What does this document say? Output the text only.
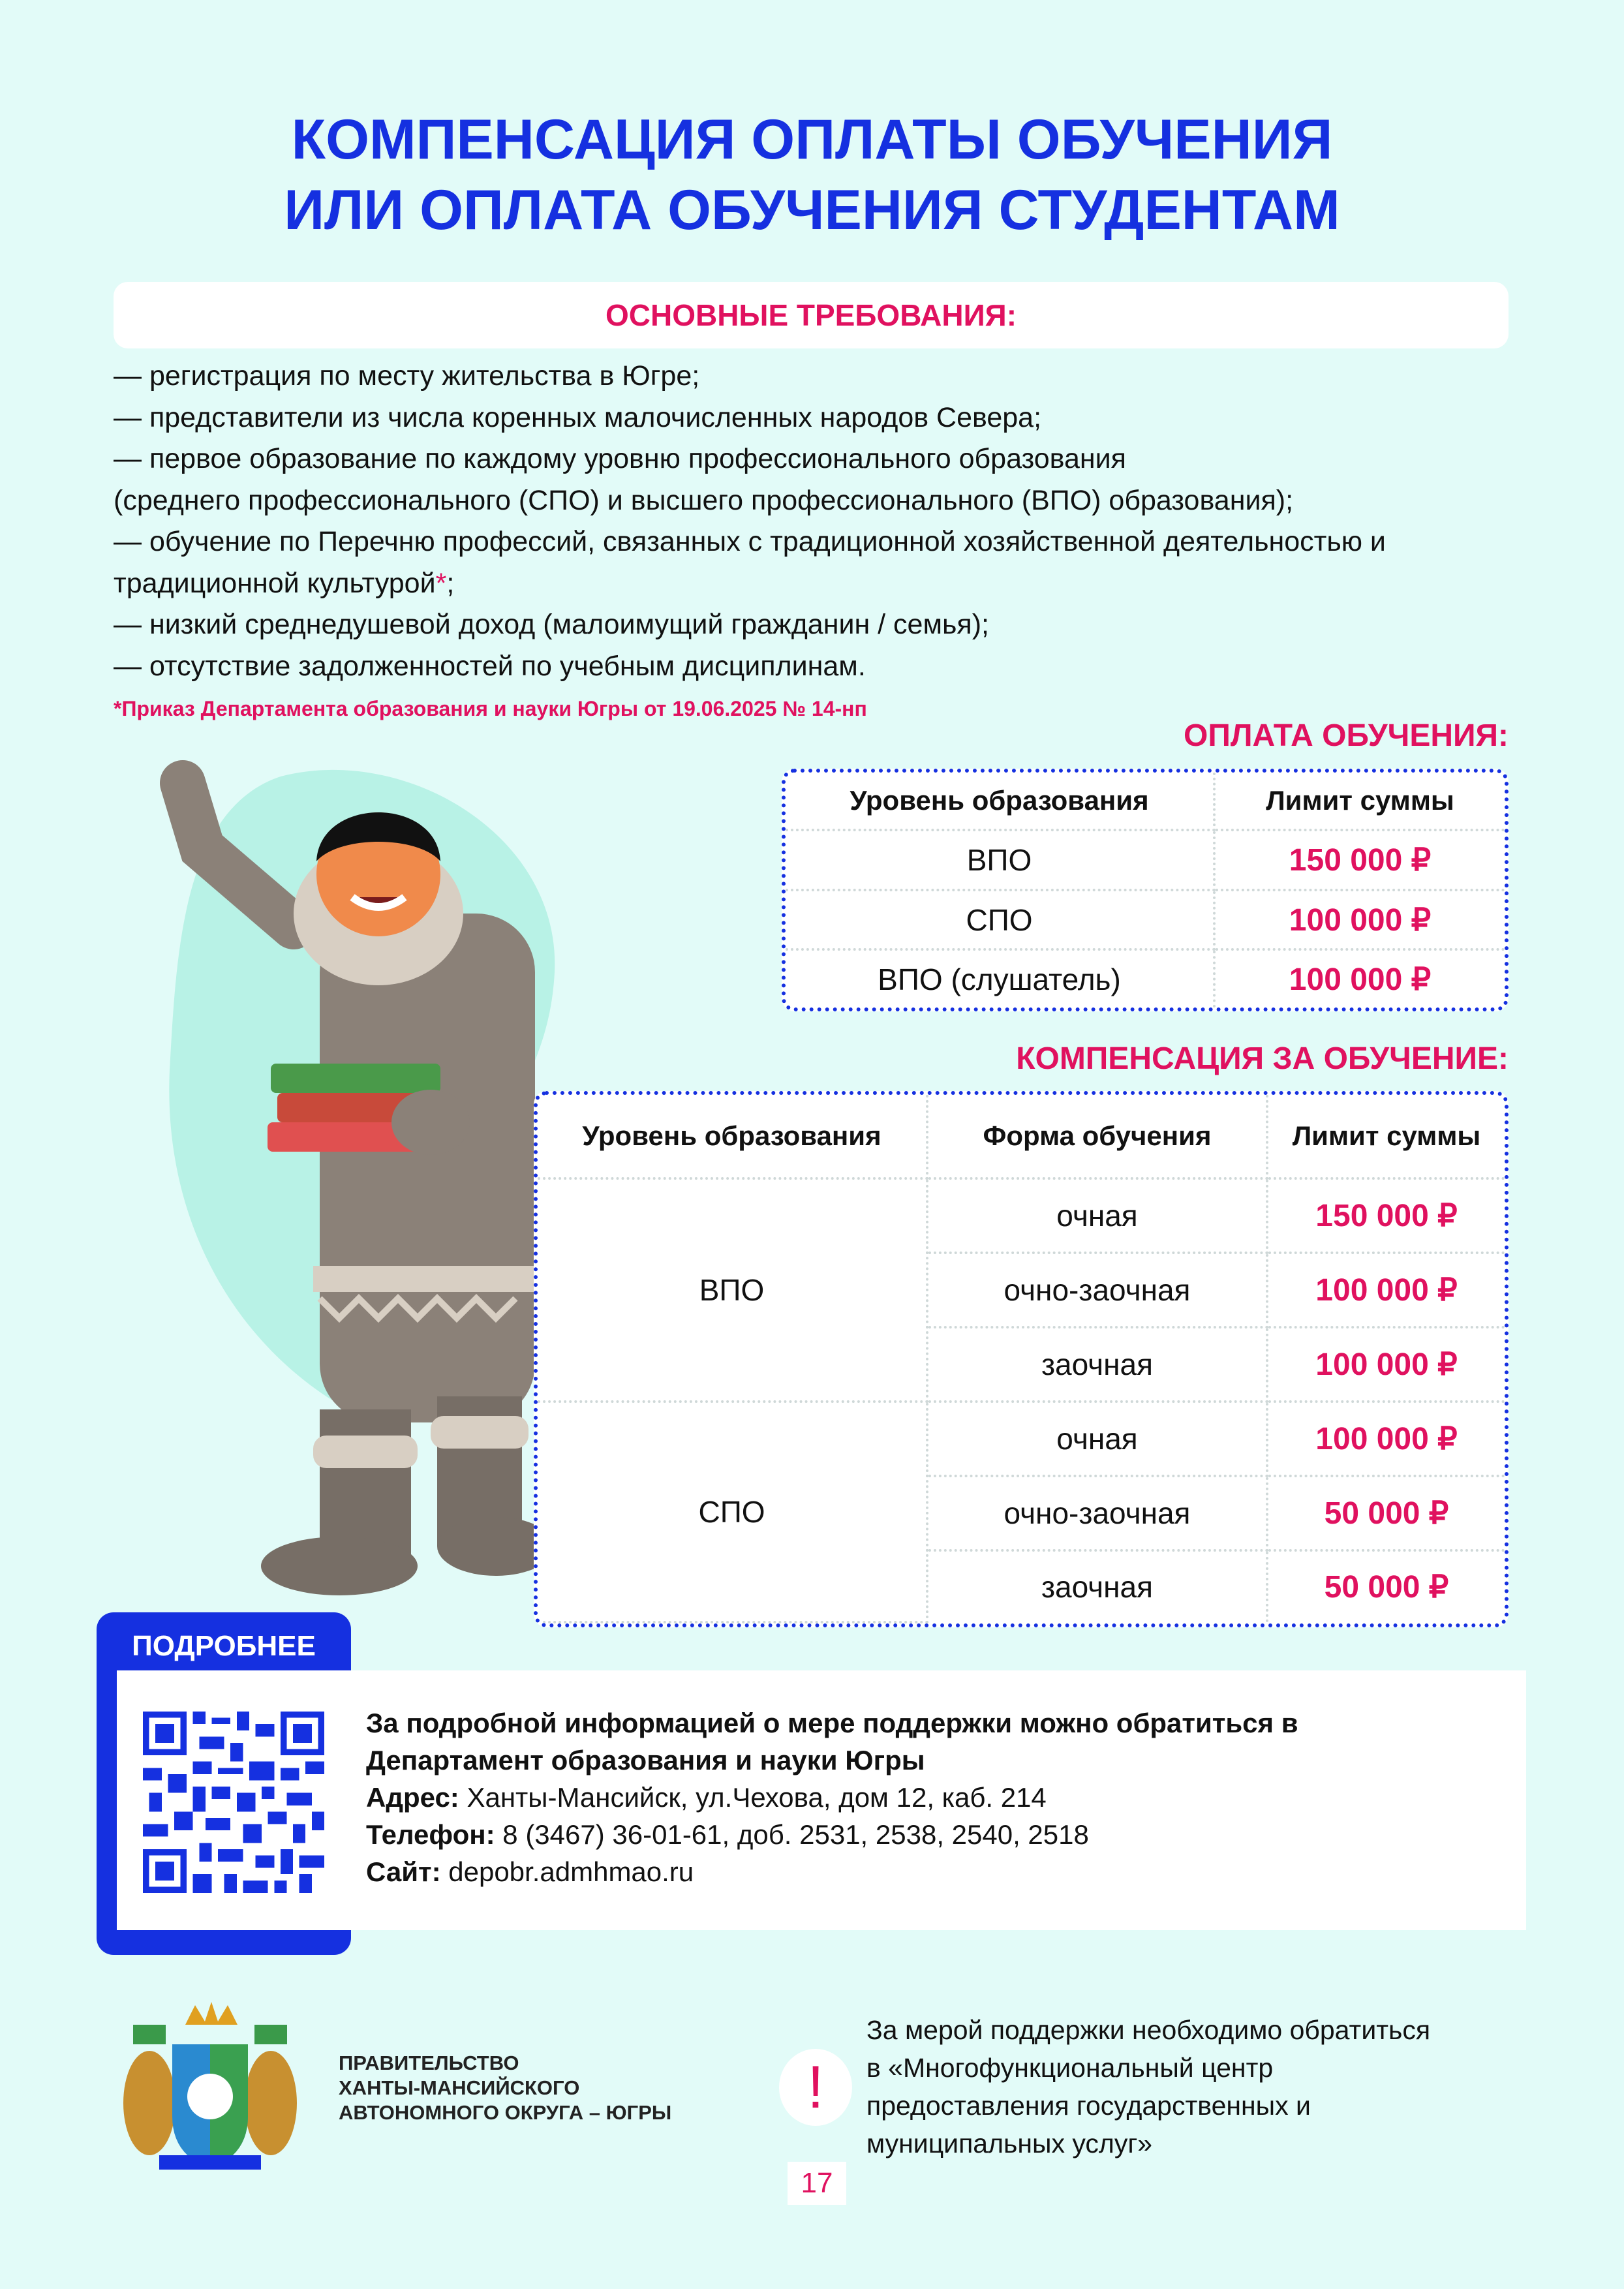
КОМПЕНСАЦИЯ ОПЛАТЫ ОБУЧЕНИЯ
ИЛИ ОПЛАТА ОБУЧЕНИЯ СТУДЕНТАМ
ОСНОВНЫЕ ТРЕБОВАНИЯ:
— регистрация по месту жительства в Югре;
— представители из числа коренных малочисленных народов Севера;
— первое образование по каждому уровню профессионального образования
(среднего профессионального (СПО) и высшего профессионального (ВПО) образования);
— обучение по Перечню профессий, связанных с традиционной хозяйственной деятельностью и
традиционной культурой*;
— низкий среднедушевой доход (малоимущий гражданин / семья);
— отсутствие задолженностей по учебным дисциплинам.
*Приказ Департамента образования и науки Югры от 19.06.2025 № 14-нп
ОПЛАТА ОБУЧЕНИЯ:
Уровень образования	Лимит суммы
ВПО	150 000 ₽
СПО	100 000 ₽
ВПО (слушатель)	100 000 ₽
КОМПЕНСАЦИЯ ЗА ОБУЧЕНИЕ:
Уровень образования	Форма обучения	Лимит суммы
ВПО	очная	150 000 ₽
	очно-заочная	100 000 ₽
	заочная	100 000 ₽
СПО	очная	100 000 ₽
	очно-заочная	50 000 ₽
	заочная	50 000 ₽
ПОДРОБНЕЕ
За подробной информацией о мере поддержки можно обратиться в
Департамент образования и науки Югры
Адрес: Ханты-Мансийск, ул.Чехова, дом 12, каб. 214
Телефон: 8 (3467) 36-01-61, доб. 2531, 2538, 2540, 2518
Сайт: depobr.admhmao.ru
ПРАВИТЕЛЬСТВО
ХАНТЫ-МАНСИЙСКОГО
АВТОНОМНОГО ОКРУГА – ЮГРЫ	!
За мерой поддержки необходимо обратиться
в «Многофункциональный центр
предоставления государственных и
муниципальных услуг»
17
